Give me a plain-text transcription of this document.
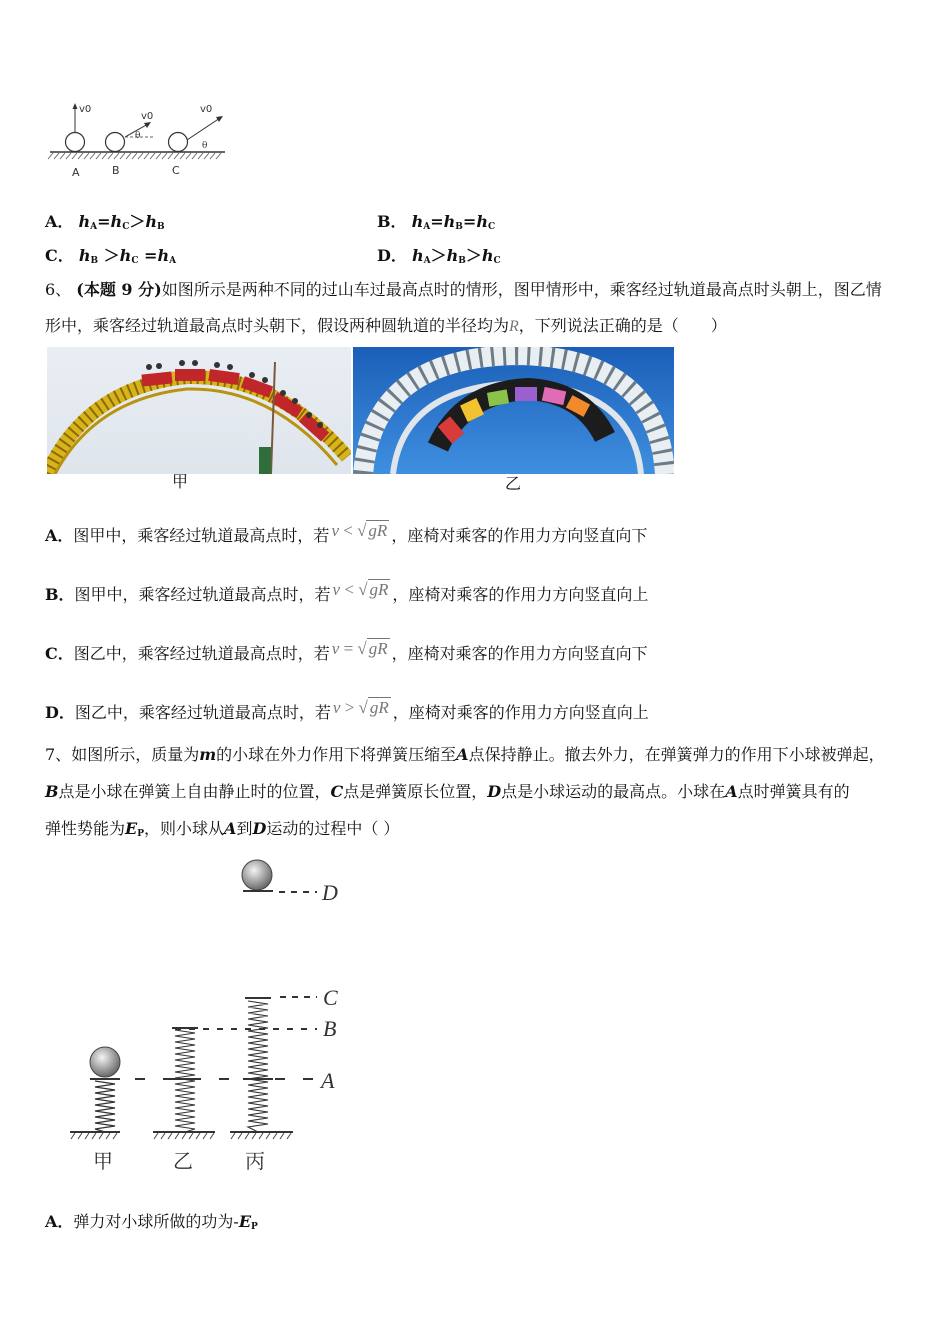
v0
v0
θ
v0
θ
A	B	C
A． $h_A=h_C>h_B$	B． $h_A=h_B=h_C$
C． $h_B >h_C =h_A$	D． $h_A>h_B>h_C$
6、 (本题 9 分)如图所示是两种不同的过山车过最高点时的情形，图甲情形中，乘客经过轨道最高点时头朝上，图乙情
形中，乘客经过轨道最高点时头朝下，假设两种圆轨道的半径均为R，下列说法正确的是（　　）
甲	乙
A．图甲中，乘客经过轨道最高点时，若 v < √ gR ，座椅对乘客的作用力方向竖直向下
B．图甲中，乘客经过轨道最高点时，若 v < √ gR ，座椅对乘客的作用力方向竖直向上
C．图乙中，乘客经过轨道最高点时，若 v = √ gR ，座椅对乘客的作用力方向竖直向下
D．图乙中，乘客经过轨道最高点时，若 v > √ gR ，座椅对乘客的作用力方向竖直向上
7、如图所示，质量为m的小球在外力作用下将弹簧压缩至A点保持静止。撤去外力，在弹簧弹力的作用下小球被弹起，
B点是小球在弹簧上自由静止时的位置，C点是弹簧原长位置，D点是小球运动的最高点。小球在A点时弹簧具有的
弹性势能为$E_P$，则小球从A到D运动的过程中（ ）
D
C
B
A
甲	乙	丙
A．弹力对小球所做的功为$-E_P$
